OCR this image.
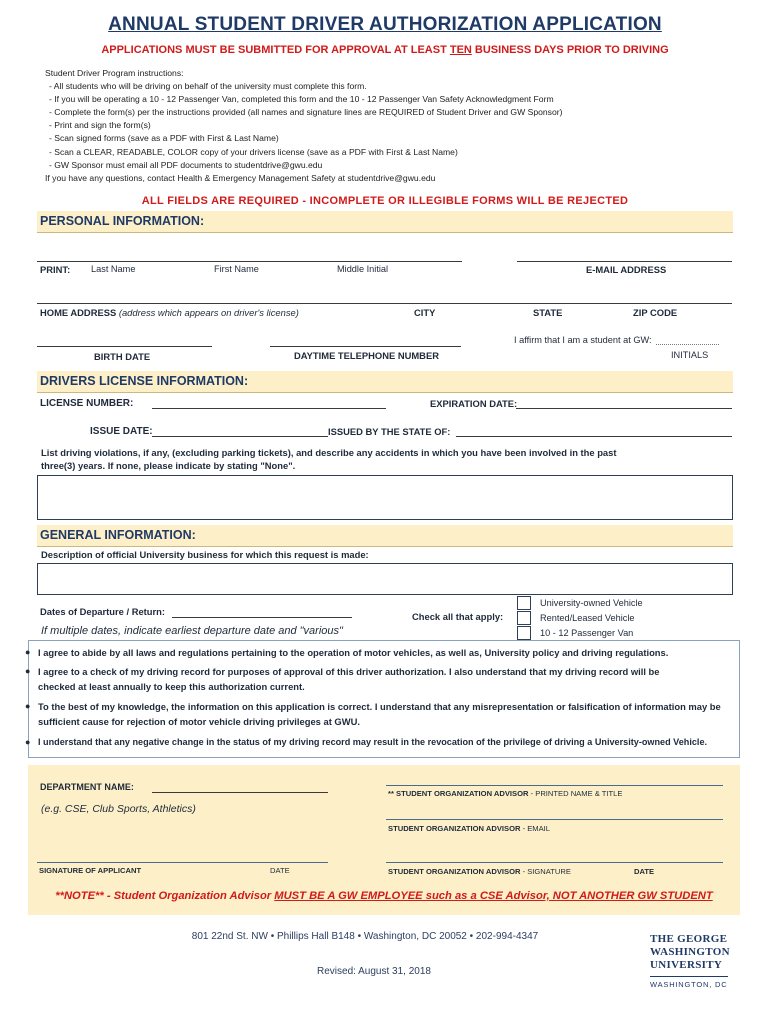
ANNUAL STUDENT DRIVER AUTHORIZATION APPLICATION
APPLICATIONS MUST BE SUBMITTED FOR APPROVAL AT LEAST TEN BUSINESS DAYS PRIOR TO DRIVING
Student Driver Program instructions:
- All students who will be driving on behalf of the university must complete this form.
- If you will be operating a 10 - 12 Passenger Van, completed this form and the 10 - 12 Passenger Van Safety Acknowledgment Form
- Complete the form(s) per the instructions provided (all names and signature lines are REQUIRED of Student Driver and GW Sponsor)
- Print and sign the form(s)
- Scan signed forms (save as a PDF with First & Last Name)
- Scan a CLEAR, READABLE, COLOR copy of your drivers license (save as a PDF with First & Last Name)
- GW Sponsor must email all PDF documents to studentdrive@gwu.edu
If you have any questions, contact Health & Emergency Management Safety at studentdrive@gwu.edu
ALL FIELDS ARE REQUIRED - INCOMPLETE OR ILLEGIBLE FORMS WILL BE REJECTED
PERSONAL INFORMATION:
PRINT: Last Name	First Name	Middle Initial	E-MAIL ADDRESS
HOME ADDRESS (address which appears on driver's license)	CITY	STATE	ZIP CODE
I affirm that I am a student at GW:
BIRTH DATE	DAYTIME TELEPHONE NUMBER	INITIALS
DRIVERS LICENSE INFORMATION:
LICENSE NUMBER:	EXPIRATION DATE:
ISSUE DATE:	ISSUED BY THE STATE OF:
List driving violations, if any, (excluding parking tickets), and describe any accidents in which you have been involved in the past
three(3) years. If none, please indicate by stating "None".
GENERAL INFORMATION:
Description of official University business for which this request is made:
Dates of Departure / Return:
If multiple dates, indicate earliest departure date and "various"
Check all that apply:
University-owned Vehicle
Rented/Leased Vehicle
10 - 12 Passenger Van
● I agree to abide by all laws and regulations pertaining to the operation of motor vehicles, as well as, University policy and driving regulations.
● I agree to a check of my driving record for purposes of approval of this driver authorization. I also understand that my driving record will be checked at least annually to keep this authorization current.
● To the best of my knowledge, the information on this application is correct. I understand that any misrepresentation or falsification of information may be sufficient cause for rejection of motor vehicle driving privileges at GWU.
● I understand that any negative change in the status of my driving record may result in the revocation of the privilege of driving a University-owned Vehicle.
DEPARTMENT NAME:
(e.g. CSE, Club Sports, Athletics)
** STUDENT ORGANIZATION ADVISOR - PRINTED NAME & TITLE
STUDENT ORGANIZATION ADVISOR - EMAIL
SIGNATURE OF APPLICANT	DATE	STUDENT ORGANIZATION ADVISOR - SIGNATURE	DATE
**NOTE** - Student Organization Advisor MUST BE A GW EMPLOYEE such as a CSE Advisor, NOT ANOTHER GW STUDENT
801 22nd St. NW • Phillips Hall B148 • Washington, DC 20052 • 202-994-4347
Revised: August 31, 2018
THE GEORGE
WASHINGTON
UNIVERSITY
WASHINGTON, DC
